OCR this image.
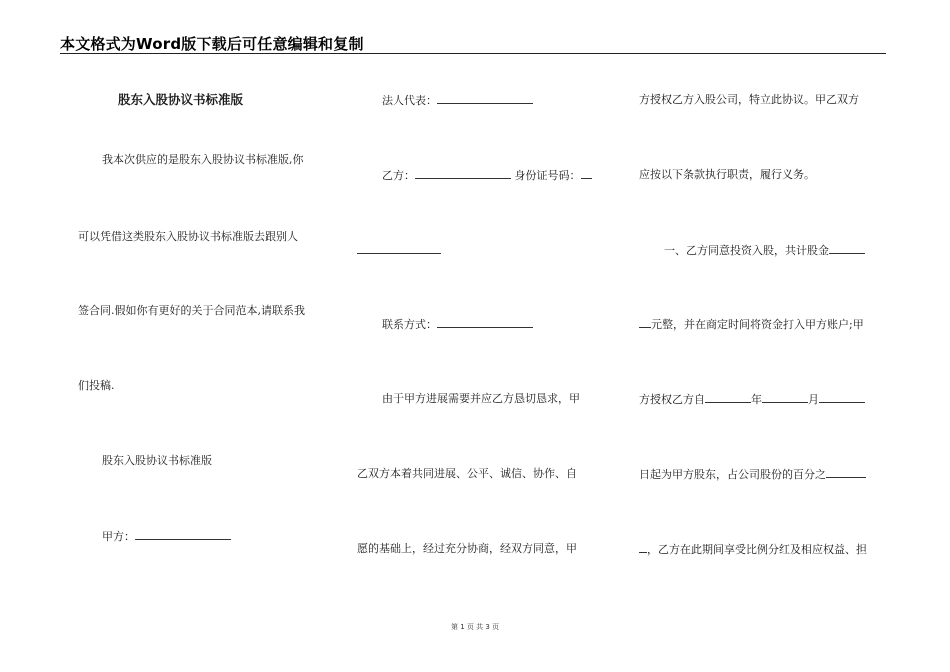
本文格式为Word版下载后可任意编辑和复制
股东入股协议书标准版
我本次供应的是股东入股协议书标准版,你
可以凭借这类股东入股协议书标准版去跟别人
签合同.假如你有更好的关于合同范本,请联系我
们投稿.
股东入股协议书标准版
甲方：
法人代表：
乙方：	身份证号码：
联系方式：
由于甲方进展需要并应乙方恳切恳求，甲
乙双方本着共同进展、公平、诚信、协作、自
愿的基础上，经过充分协商，经双方同意，甲
方授权乙方入股公司，特立此协议。甲乙双方
应按以下条款执行职责，履行义务。
一、乙方同意投资入股，共计股金
元整，并在商定时间将资金打入甲方账户;甲
方授权乙方自	年	月
日起为甲方股东，占公司股份的百分之
，乙方在此期间享受比例分红及相应权益、担
第 1 页 共 3 页
